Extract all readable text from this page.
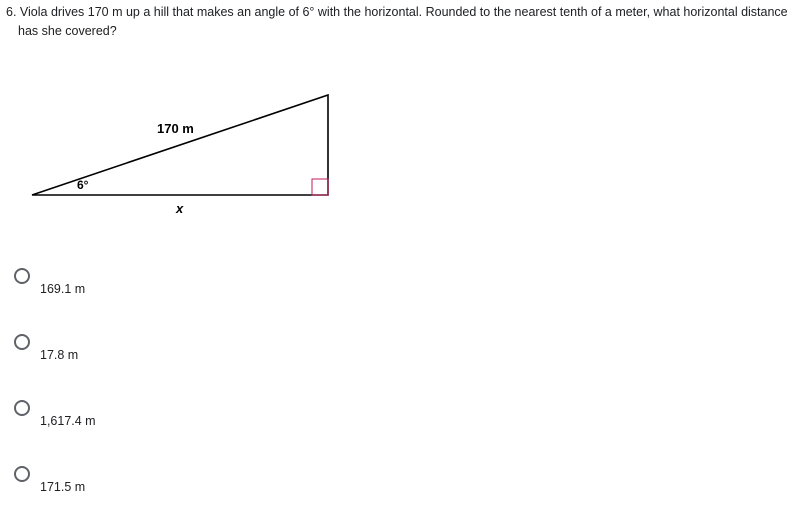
6. Viola drives 170 m up a hill that makes an angle of 6° with the horizontal. Rounded to the nearest tenth of a meter, what horizontal distance
has she covered?
170 m
6°
x
169.1 m
17.8 m
1,617.4 m
171.5 m
